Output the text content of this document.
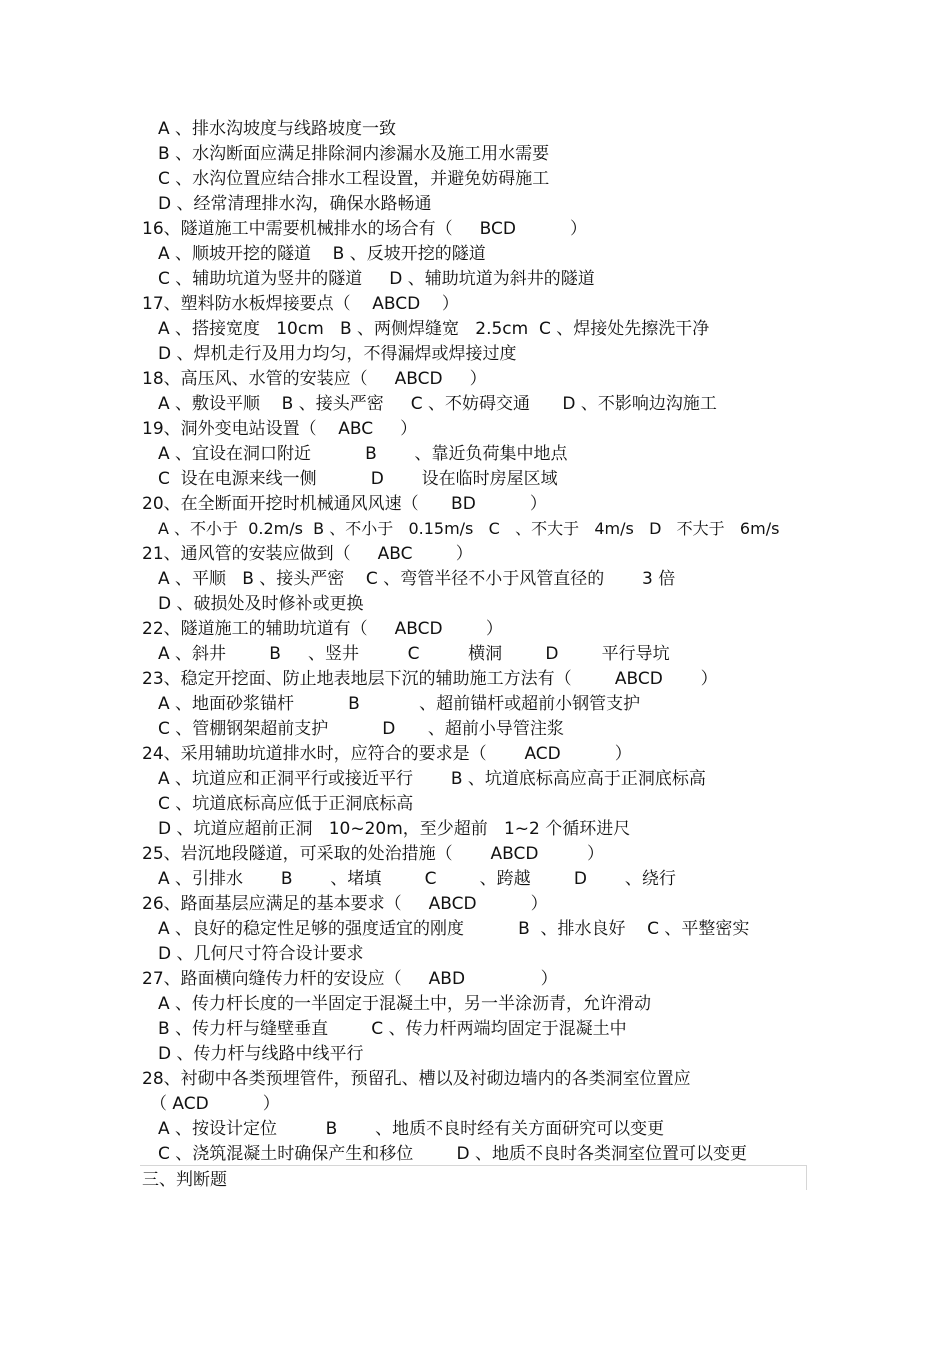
A 、排水沟坡度与线路坡度一致
B 、水沟断面应满足排除洞内渗漏水及施工用水需要
C 、水沟位置应结合排水工程设置，并避免妨碍施工
D 、经常清理排水沟，确保水路畅通
16、隧道施工中需要机械排水的场合有（     BCD          ）
A 、顺坡开挖的隧道    B 、反坡开挖的隧道
C 、辅助坑道为竖井的隧道     D 、辅助坑道为斜井的隧道
17、塑料防水板焊接要点（    ABCD    ）
A 、搭接宽度   10cm   B 、两侧焊缝宽   2.5cm  C 、焊接处先擦洗干净
D 、焊机走行及用力均匀，不得漏焊或焊接过度
18、高压风、水管的安装应（     ABCD     ）
A 、敷设平顺    B 、接头严密     C 、不妨碍交通      D 、不影响边沟施工
19、洞外变电站设置（    ABC     ）
A 、宜设在洞口附近          B       、靠近负荷集中地点
C  设在电源来线一侧          D       设在临时房屋区域
20、在全断面开挖时机械通风风速（      BD          ）
A 、不小于  0.2m/s  B 、不小于   0.15m/s   C   、不大于   4m/s   D   不大于   6m/s
21、通风管的安装应做到（     ABC        ）
A 、平顺   B 、接头严密    C 、弯管半径不小于风管直径的       3 倍
D 、破损处及时修补或更换
22、隧道施工的辅助坑道有（     ABCD        ）
A 、斜井        B     、竖井         C         横洞        D        平行导坑
23、稳定开挖面、防止地表地层下沉的辅助施工方法有（        ABCD       ）
A 、地面砂浆锚杆          B           、超前锚杆或超前小钢管支护
C 、管棚钢架超前支护          D      、超前小导管注浆
24、采用辅助坑道排水时，应符合的要求是（       ACD          ）
A 、坑道应和正洞平行或接近平行       B 、坑道底标高应高于正洞底标高
C 、坑道底标高应低于正洞底标高
D 、坑道应超前正洞   10~20m，至少超前   1~2 个循环进尺
25、岩沉地段隧道，可采取的处治措施（       ABCD         ）
A 、引排水       B       、堵填        C        、跨越        D       、绕行
26、路面基层应满足的基本要求（     ABCD          ）
A 、良好的稳定性足够的强度适宜的刚度          B  、排水良好    C 、平整密实
D 、几何尺寸符合设计要求
27、路面横向缝传力杆的安设应（     ABD              ）
A 、传力杆长度的一半固定于混凝土中，另一半涂沥青，允许滑动
B 、传力杆与缝壁垂直        C 、传力杆两端均固定于混凝土中
D 、传力杆与线路中线平行
28、衬砌中各类预埋管件，预留孔、槽以及衬砌边墙内的各类洞室位置应
（ ACD          ）
A 、按设计定位         B       、地质不良时经有关方面研究可以变更
C 、浇筑混凝土时确保产生和移位        D 、地质不良时各类洞室位置可以变更
三、判断题
